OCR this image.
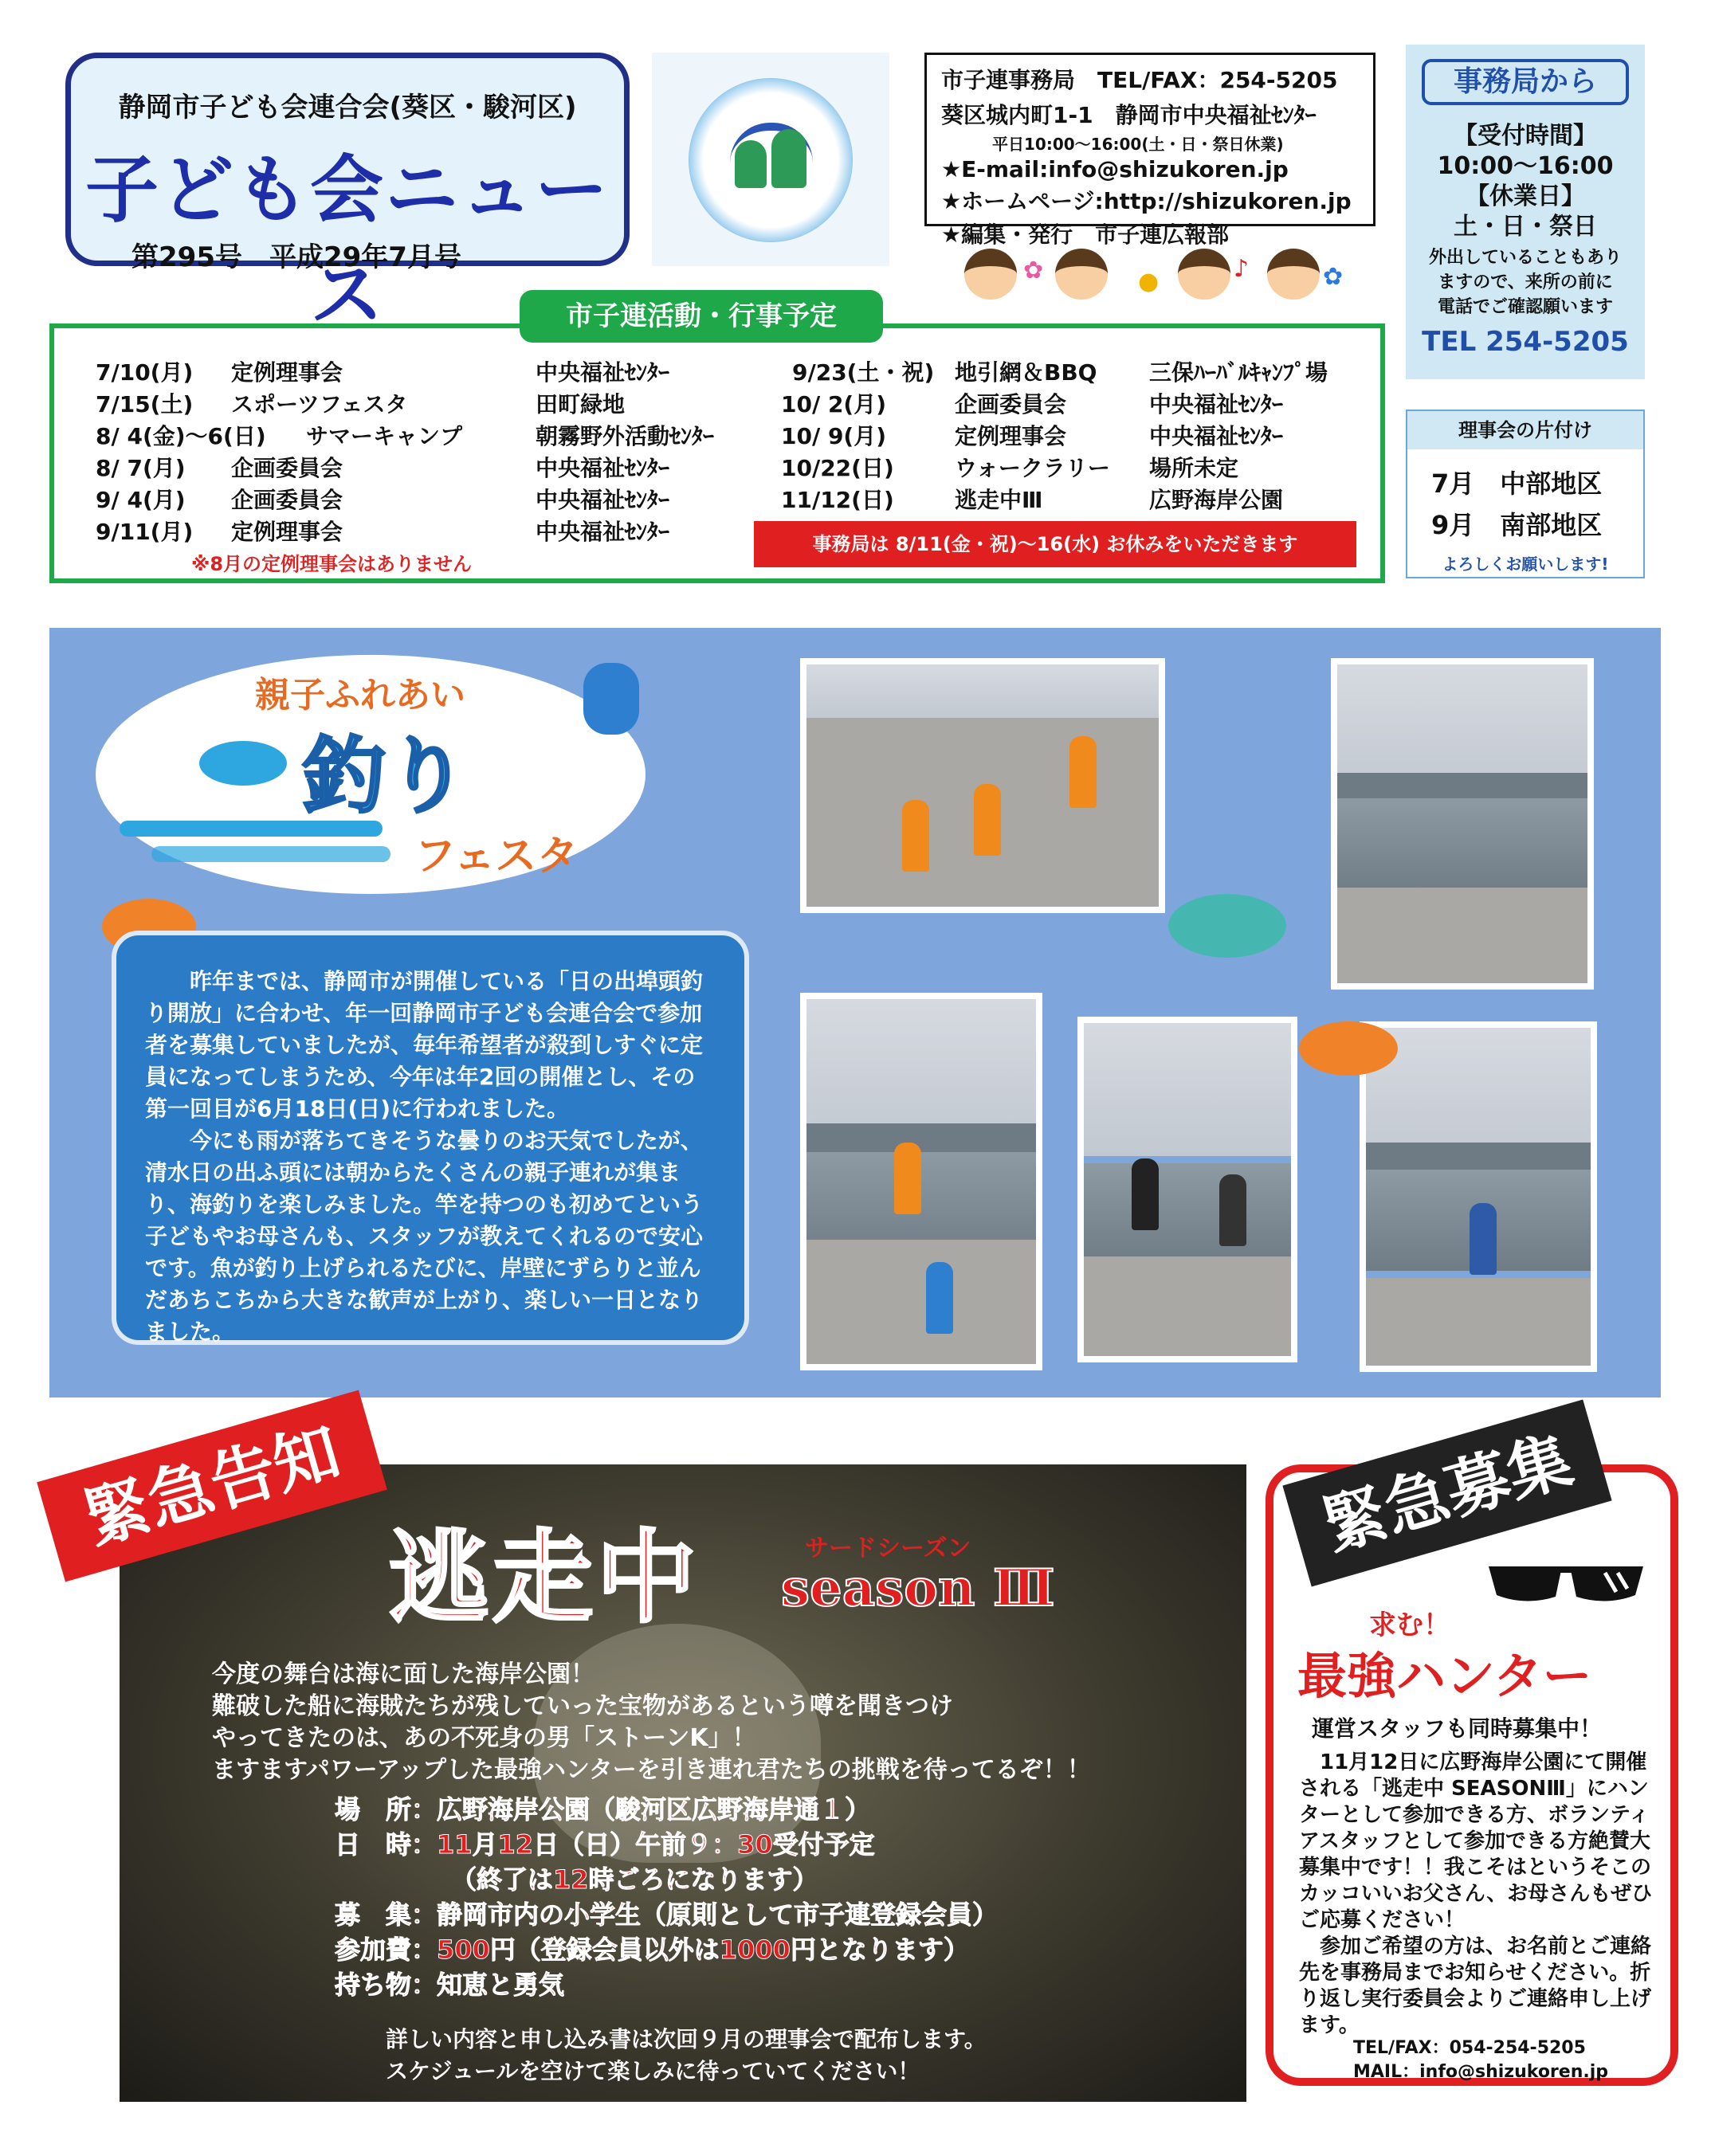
静岡市子ども会連合会(葵区・駿河区)
子ども会ニュース
第295号　平成29年7月号
市子連事務局　TEL/FAX：254-5205
葵区城内町1-1　静岡市中央福祉ｾﾝﾀｰ
平日10:00～16:00(土・日・祭日休業)
★E-mail:info@shizukoren.jp
★ホームページ:http://shizukoren.jp
★編集・発行　市子連広報部
✿	●	♪	✿
事務局から
【受付時間】
10:00～16:00
【休業日】
土・日・祭日
外出していることもあり
ますので、来所の前に
電話でご確認願います
TEL 254-5205
理事会の片付け
7月　 中部地区
9月　 南部地区
よろしくお願いします!
市子連活動・行事予定
7/10(月) 定例理事会	中央福祉ｾﾝﾀｰ
7/15(土) スポーツフェスタ	田町緑地
8/ 4(金)～6(日) サマーキャンプ	朝霧野外活動ｾﾝﾀｰ
8/ 7(月) 企画委員会	中央福祉ｾﾝﾀｰ
9/ 4(月) 企画委員会	中央福祉ｾﾝﾀｰ
9/11(月) 定例理事会	中央福祉ｾﾝﾀｰ
9/23(土・祝) 地引網＆BBQ 三保ﾊｰﾊﾞﾙｷｬﾝﾌﾟ場
10/ 2(月)	企画委員会	中央福祉ｾﾝﾀｰ
10/ 9(月)	定例理事会	中央福祉ｾﾝﾀｰ
10/22(日)	ウォークラリー 場所未定
11/12(日)	逃走中Ⅲ	広野海岸公園
※8月の定例理事会はありません
事務局は 8/11(金・祝)～16(水) お休みをいただきます
親子ふれあい
釣り
フェスタ

昨年までは、静岡市が開催している「日の出埠頭釣り開放」に合わせ、年一回静岡市子ども会連合会で参加者を募集していましたが、毎年希望者が殺到しすぐに定員になってしまうため、今年は年2回の開催とし、その第一回目が6月18日(日)に行われました。

今にも雨が落ちてきそうな曇りのお天気でしたが、清水日の出ふ頭には朝からたくさんの親子連れが集まり、海釣りを楽しみました。竿を持つのも初めてという子どもやお母さんも、スタッフが教えてくれるので安心です。魚が釣り上げられるたびに、岸壁にずらりと並んだあちこちから大きな歓声が上がり、楽しい一日となりました。

緊急告知
逃走中	サードシーズン
season Ⅲ
今度の舞台は海に面した海岸公園！
難破した船に海賊たちが残していった宝物があるという噂を聞きつけ
やってきたのは、あの不死身の男「ストーンK」！
ますますパワーアップした最強ハンターを引き連れ君たちの挑戦を待ってるぞ！！
場　所：広野海岸公園（駿河区広野海岸通１）
日　時：11月12日（日）午前９：30受付予定
（終了は12時ごろになります）
募　集：静岡市内の小学生（原則として市子連登録会員）
参加費：500円（登録会員以外は1000円となります）
持ち物：知恵と勇気
詳しい内容と申し込み書は次回９月の理事会で配布します。
スケジュールを空けて楽しみに待っていてください！
緊急募集
求む！
最強ハンター
運営スタッフも同時募集中！

11月12日に広野海岸公園にて開催される「逃走中 SEASONⅢ」にハンターとして参加できる方、ボランティアスタッフとして参加できる方絶賛大募集中です！！我こそはというそこのカッコいいお父さん、お母さんもぜひご応募ください！

参加ご希望の方は、お名前とご連絡先を事務局までお知らせください。折り返し実行委員会よりご連絡申し上げます。

TEL/FAX：054-254-5205
MAIL：info@shizukoren.jp
